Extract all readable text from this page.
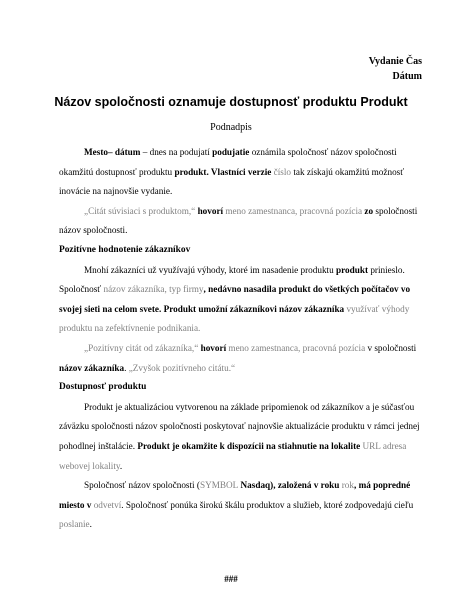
Vydanie Čas
Dátum
Názov spoločnosti oznamuje dostupnosť produktu Produkt
Podnadpis

Mesto– dátum – dnes na podujatí podujatie oznámila spoločnosť názov spoločnosti okamžitú dostupnosť produktu produkt. Vlastníci verzie číslo tak získajú okamžitú možnosť inovácie na najnovšie vydanie.

„Citát súvisiaci s produktom,“ hovorí meno zamestnanca, pracovná pozícia zo spoločnosti názov spoločnosti.

Pozitívne hodnotenie zákazníkov

Mnohí zákazníci už využívajú výhody, ktoré im nasadenie produktu produkt prinieslo. Spoločnosť názov zákazníka, typ firmy, nedávno nasadila produkt do všetkých počítačov vo svojej sieti na celom svete. Produkt umožní zákazníkovi názov zákazníka využívať výhody produktu na zefektívnenie podnikania.

„Pozitívny citát od zákazníka,“ hovorí meno zamestnanca, pracovná pozícia v spoločnosti názov zákazníka. „Zvyšok pozitívneho citátu.“

Dostupnosť produktu

Produkt je aktualizáciou vytvorenou na základe pripomienok od zákazníkov a je súčasťou záväzku spoločnosti názov spoločnosti poskytovať najnovšie aktualizácie produktu v rámci jednej pohodlnej inštalácie. Produkt je okamžite k dispozícii na stiahnutie na lokalite URL adresa webovej lokality.

Spoločnosť názov spoločnosti (SYMBOL Nasdaq), založená v roku rok, má popredné miesto v odvetví. Spoločnosť ponúka širokú škálu produktov a služieb, ktoré zodpovedajú cieľu poslanie.

###
